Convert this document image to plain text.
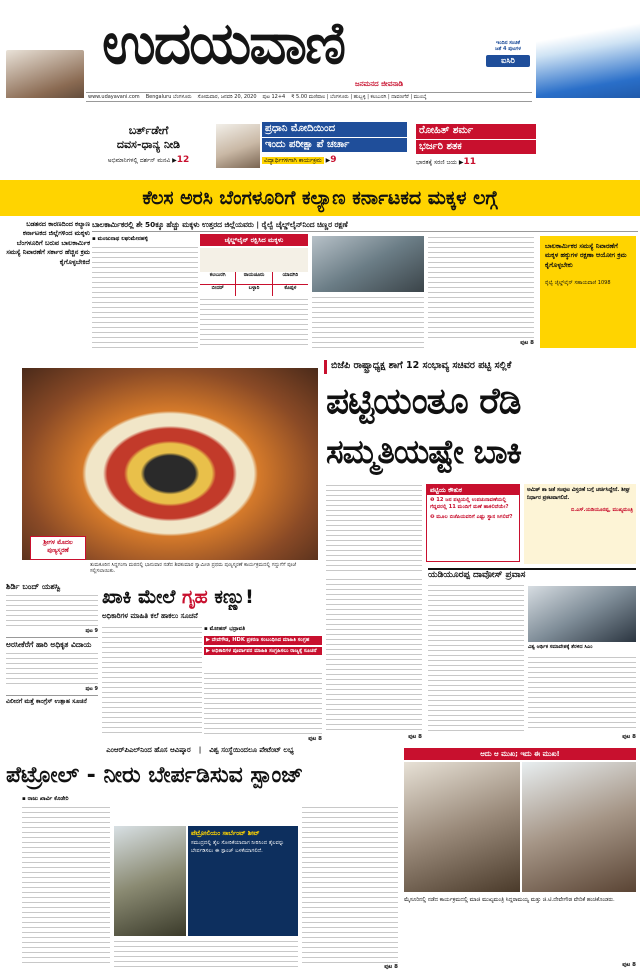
ಉದಯವಾಣಿ
ಜನಮನದ ಜೀವನಾಡಿ
ಇಂದಿನ ಸಂಚಿಕೆ
ಜತೆ 4 ಪುಟಗಳ
ಐಸಿರಿ
www.udayavani.com Bengaluru ಬೆಂಗಳೂರು ಸೋಮವಾರ, ಜನವರಿ 20, 2020 ಪುಟ 12+4 ₹ 5.00 ಮಣಿಪಾಲ | ಬೆಂಗಳೂರು | ಹುಬ್ಬಳ್ಳಿ | ಕಲಬುರಗಿ | ದಾವಣಗೆರೆ | ಮುಂಬೈ
ಬರ್ತ್‌ಡೇಗೆ
ದವಸ-ಧಾನ್ಯ ನೀಡಿ
ಅಭಿಮಾನಿಗಳಲ್ಲಿ ದರ್ಶನ್ ಮನವಿ ▶12
ಪ್ರಧಾನಿ ಮೋದಿಯಿಂದ
ಇಂದು ಪರೀಕ್ಷಾ ಪೆ ಚರ್ಚಾ
ವಿದ್ಯಾರ್ಥಿಗಳಿಗಾಗಿ ಕಾರ್ಯಕ್ರಮ ▶9
ರೋಹಿತ್ ಶರ್ಮ
ಭರ್ಜರಿ ಶತಕ
ಭಾರತಕ್ಕೆ ಸರಣಿ ಜಯ ▶11
ಕೆಲಸ ಅರಸಿ ಬೆಂಗಳೂರಿಗೆ ಕಲ್ಯಾಣ ಕರ್ನಾಟಕದ ಮಕ್ಕಳ ಲಗ್ಗೆ
ಬಡತನದ ಕಾರಣದಿಂದ ಕಲ್ಯಾಣ ಕರ್ನಾಟಕದ ಜಿಲ್ಲೆಗಳಿಂದ ಮಕ್ಕಳು ಬೆಂಗಳೂರಿಗೆ ಬರುವ ಬಾಲಕಾರ್ಮಿಕ ಸಮಸ್ಯೆ ನಿವಾರಣೆಗೆ ಸರ್ಕಾರ ಹೆಚ್ಚಿನ ಕ್ರಮ ಕೈಗೊಳ್ಳಬೇಕಿದೆ
ಬಾಲಕಾರ್ಮಿಕರಲ್ಲಿ ಶೇ 50ಕ್ಕೂ ಹೆಚ್ಚು ಮಕ್ಕಳು ಉತ್ತರದ ಜಿಲ್ಲೆಯವರು | ರೈಲ್ವೆ ಚೈಲ್ಡ್‌ಲೈನ್‌ನಿಂದ ಚಿಣ್ಣರ ರಕ್ಷಣೆ
▪ ಮಂಜುನಾಥ ಲಘುಮೇನಹಳ್ಳಿ	ಚೈಲ್ಡ್‌ಲೈನ್ ರಕ್ಷಿಸಿದ ಮಕ್ಕಳು
ಕಲಬುರಗಿ	ರಾಯಚೂರು	ಯಾದಗಿರಿ
ಬೀದರ್	ಬಳ್ಳಾರಿ	ಕೊಪ್ಪಳ
ಪುಟ 8
ಬಾಲಕಾರ್ಮಿಕರ ಸಮಸ್ಯೆ ನಿವಾರಣೆಗೆ ಮಕ್ಕಳ ಹಕ್ಕುಗಳ ರಕ್ಷಣಾ ಆಯೋಗ ಕ್ರಮ ಕೈಗೊಳ್ಳಬೇಕು
ರೈಲ್ವೆ ಚೈಲ್ಡ್‌ಲೈನ್ ಸಹಾಯವಾಣಿ 1098
ಶ್ರೀಗಳ ಮೊದಲ
ಪುಣ್ಯಸ್ಮರಣೆ
ತುಮಕೂರಿನ ಸಿದ್ಧಗಂಗಾ ಮಠದಲ್ಲಿ ಭಾನುವಾರ ನಡೆದ ಶಿವಕುಮಾರ ಸ್ವಾಮೀಜಿ ಪ್ರಥಮ ಪುಣ್ಯಸ್ಮರಣೆ ಕಾರ್ಯಕ್ರಮದಲ್ಲಿ ಗದ್ದುಗೆಗೆ ಪೂಜೆ ಸಲ್ಲಿಸಲಾಯಿತು.
ಬಿಜೆಪಿ ರಾಷ್ಟ್ರಾಧ್ಯಕ್ಷ ಶಾಗೆ 12 ಸಂಭಾವ್ಯ ಸಚಿವರ ಪಟ್ಟಿ ಸಲ್ಲಿಕೆ
ಪಟ್ಟಿಯಂತೂ ರೆಡಿ
ಸಮ್ಮತಿಯಷ್ಟೇ ಬಾಕಿ
ಪಟ್ಟಿಯ ಕೌತುಕ
❶ 12 ಜನ ಪಟ್ಟಿಯಲ್ಲಿ ಉಪಚುನಾವಣೆಯಲ್ಲಿ ಗೆದ್ದವರಲ್ಲಿ 11 ಮಂದಿಗೆ ಮಣೆ ಹಾಕಲಿದೆಯೇ?
❷ ಮೂಲ ಬಿಜೆಪಿಯವರಿಗೆ ಎಷ್ಟು ಸ್ಥಾನ ಸಿಗಲಿವೆ?
ಅಮಿತ್ ಶಾ ಜತೆ ಸಂಪುಟ ವಿಸ್ತರಣೆ ಬಗ್ಗೆ ಚರ್ಚಿಸಿದ್ದೇನೆ. ಶೀಘ್ರ ನಿರ್ಧಾರ ಪ್ರಕಟವಾಗಲಿದೆ.
ಬಿ.ಎಸ್.ಯಡಿಯೂರಪ್ಪ, ಮುಖ್ಯಮಂತ್ರಿ
ಯಡಿಯೂರಪ್ಪ ದಾವೋಸ್ ಪ್ರವಾಸ
ವಿಶ್ವ ಆರ್ಥಿಕ ಸಮಾವೇಶಕ್ಕೆ ತೆರಳಿದ ಸಿಎಂ
ಪುಟ 8
ಪುಟ 8
ಶಿರ್ಡಿ ಬಂದ್ ಯಶಸ್ವಿ
ಪುಟ 9
ಅರಸೀಕೆರೆಗೆ ಹಾರಿ ಅಧಿಕೃತ ವಿದಾಯ
ಪುಟ 9
ವಿಲೀನಗೆ ಮತ್ತೆ ಕಾಂಗ್ರೆಸ್ ಉತ್ಸಾಹ ಸೂಚನೆ
ಖಾಕಿ ಮೇಲೆ ಗೃಹ ಕಣ್ಣು!
ಅಧಿಕಾರಿಗಳ ಮಾಹಿತಿ ಕಲೆ ಹಾಕಲು ಸೂಚನೆ
▪ ಮೋಹನ್ ಭದ್ರಾವತಿ
▶ ದೇವೆಗೌಡ, HDK ಪ್ರಕರಣ ಸಂಬಂಧಿಸಿದ ಮಾಹಿತಿ ಸಂಗ್ರಹ
▶ ಅಧಿಕಾರಿಗಳ ಪೂರ್ವಾಪರ ಮಾಹಿತಿ ಸಂಗ್ರಹಿಸಲು ರಾಜ್ಯಕ್ಕೆ ಸೂಚನೆ
ಪುಟ 8
ಎಂಆರ್‌ಪಿಎಲ್‌ನಿಂದ ಹೊಸ ಆವಿಷ್ಕಾರ | ವಿಶ್ವ ಸಂಸ್ಥೆಯಿಂದಲೂ ಪೇಟೆಂಟ್ ಲಭ್ಯ
ಪೆಟ್ರೋಲ್ - ನೀರು ಬೇರ್ಪಡಿಸುವ ಸ್ಪಾಂಜ್
▪ ರಾಜು ಖಾರ್ವಿ ಕೊಡೇರಿ
ಪೆಟ್ರೋಲಿಯಂ ಸಾರ್ಬೆಂಟ್ ಶೀಟ್
ಸಮುದ್ರದಲ್ಲಿ ತೈಲ ಸೋರಿಕೆಯಾದಾಗ ನೀರಿನಿಂದ ತೈಲವನ್ನು ಬೇರ್ಪಡಿಸಲು ಈ ಸ್ಪಾಂಜ್ ಬಳಕೆಯಾಗಲಿದೆ.
ಪುಟ 8
ಆದು ಆ ಮುಖ; ಇದು ಈ ಮುಖ!
ಮೈಸೂರಿನಲ್ಲಿ ನಡೆದ ಕಾರ್ಯಕ್ರಮದಲ್ಲಿ ಮಾಜಿ ಮುಖ್ಯಮಂತ್ರಿ ಸಿದ್ದರಾಮಯ್ಯ ಮತ್ತು ಜಿ.ಟಿ.ದೇವೇಗೌಡ ವೇದಿಕೆ ಹಂಚಿಕೊಂಡರು.
ಪುಟ 8
